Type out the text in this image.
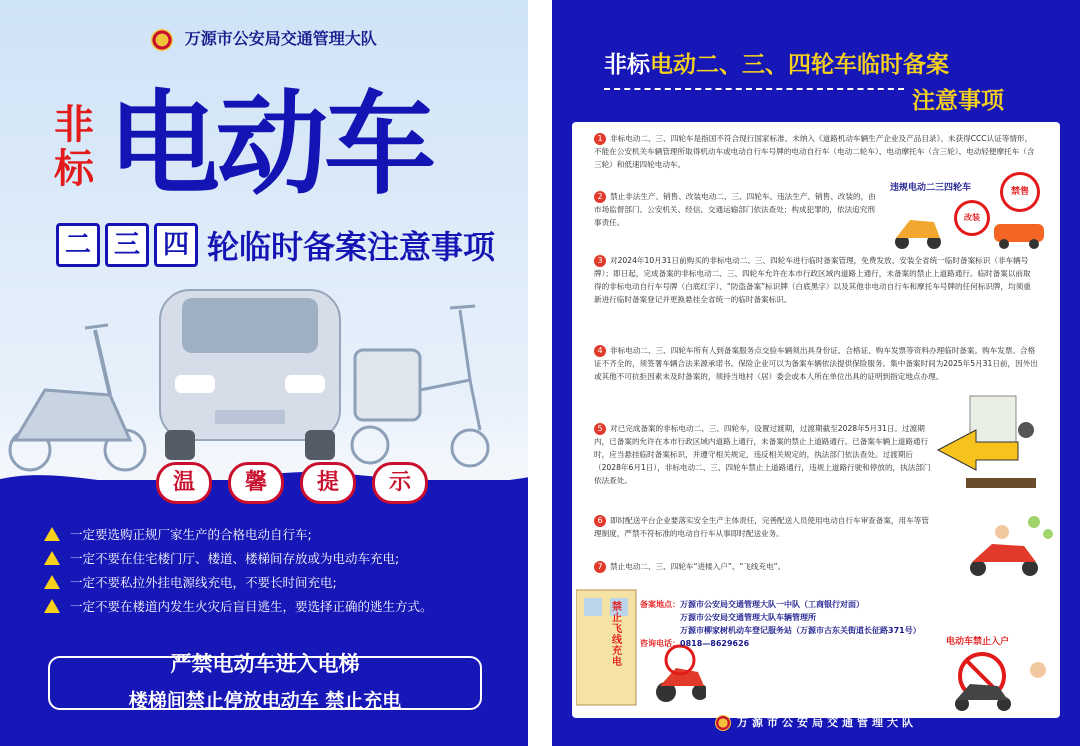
万源市公安局交通管理大队
非标 电动车
二 三 四 轮临时备案注意事项
温	馨	提	示
一定要选购正规厂家生产的合格电动自行车;
一定不要在住宅楼门厅、楼道、楼梯间存放或为电动车充电;
一定不要私拉外挂电源线充电，不要长时间充电;
一定不要在楼道内发生火灾后盲目逃生，要选择正确的逃生方式。
严禁电动车进入电梯
楼梯间禁止停放电动车 禁止充电
非标电动二、三、四轮车临时备案
注意事项
1 非标电动二、三、四轮车是指国不符合现行国家标准、未纳入《道路机动车辆生产企业及产品目录》、未获得CCC认证等情形，不能在公安机关车辆管理所取得机动车或电动自行车号牌的电动自行车（电动二轮车）、电动摩托车（含三轮）、电动轻便摩托车（含三轮）和低速四轮电动车。
2 禁止非法生产、销售、改装电动二、三、四轮车。违法生产、销售、改装的，由市场监督部门、公安机关、经信、交通运输部门依法查处；构成犯罪的，依法追究刑事责任。
3 对2024年10月31日前购买的非标电动二、三、四轮车进行临时备案管理，免费发放、安装全省统一临时备案标识（非车辆号牌）；即日起，完成备案的非标电动二、三、四轮车允许在本市行政区域内道路上通行，未备案的禁止上道路通行。临时备案以前取得的非标电动自行车号牌（白底红字）、“防盗备案”标识牌（白底黑字）以及其他非电动自行车和摩托车号牌的任何标识牌，均须重新进行临时备案登记并更换悬挂全省统一的临时备案标识。
4 非标电动二、三、四轮车所有人到备案服务点交验车辆须出具身份证、合格证、购车发票等资料办理临时备案。购车发票、合格证不齐全的，须签署车辆合法来源承诺书。保险企业可以为备案车辆依法提供保险服务。集中备案时间为2025年5月31日前，因外出或其他不可抗拒因素未及时备案的，须持当地村（居）委会或本人所在单位出具的证明到指定地点办理。
5 对已完成备案的非标电动二、三、四轮车，设置过渡期，过渡期截至2028年5月31日。过渡期内，已备案的允许在本市行政区域内道路上通行，未备案的禁止上道路通行。已备案车辆上道路通行时，应当悬挂临时备案标识，并遵守相关规定，违反相关规定的，执法部门依法查处。过渡期后（2028年6月1日），非标电动二、三、四轮车禁止上道路通行，违规上道路行驶和停放的，执法部门依法查处。
6 即时配送平台企业要落实安全生产主体责任，完善配送人员使用电动自行车审查备案，用车等管理制度，严禁不符标准的电动自行车从事即时配送业务。
7 禁止电动二、三、四轮车“进楼入户”、“飞线充电”。
违规电动二三四轮车	禁售
改装
禁止飞线充电
电动车禁止入户
备案地点： 万源市公安局交通管理大队一中队（工商银行对面）
万源市公安局交通管理大队车辆管理所
万源市柳家树机动车登记服务站（万源市古东关街道长征路371号）
咨询电话：0818—8629626
万源市公安局交通管理大队
